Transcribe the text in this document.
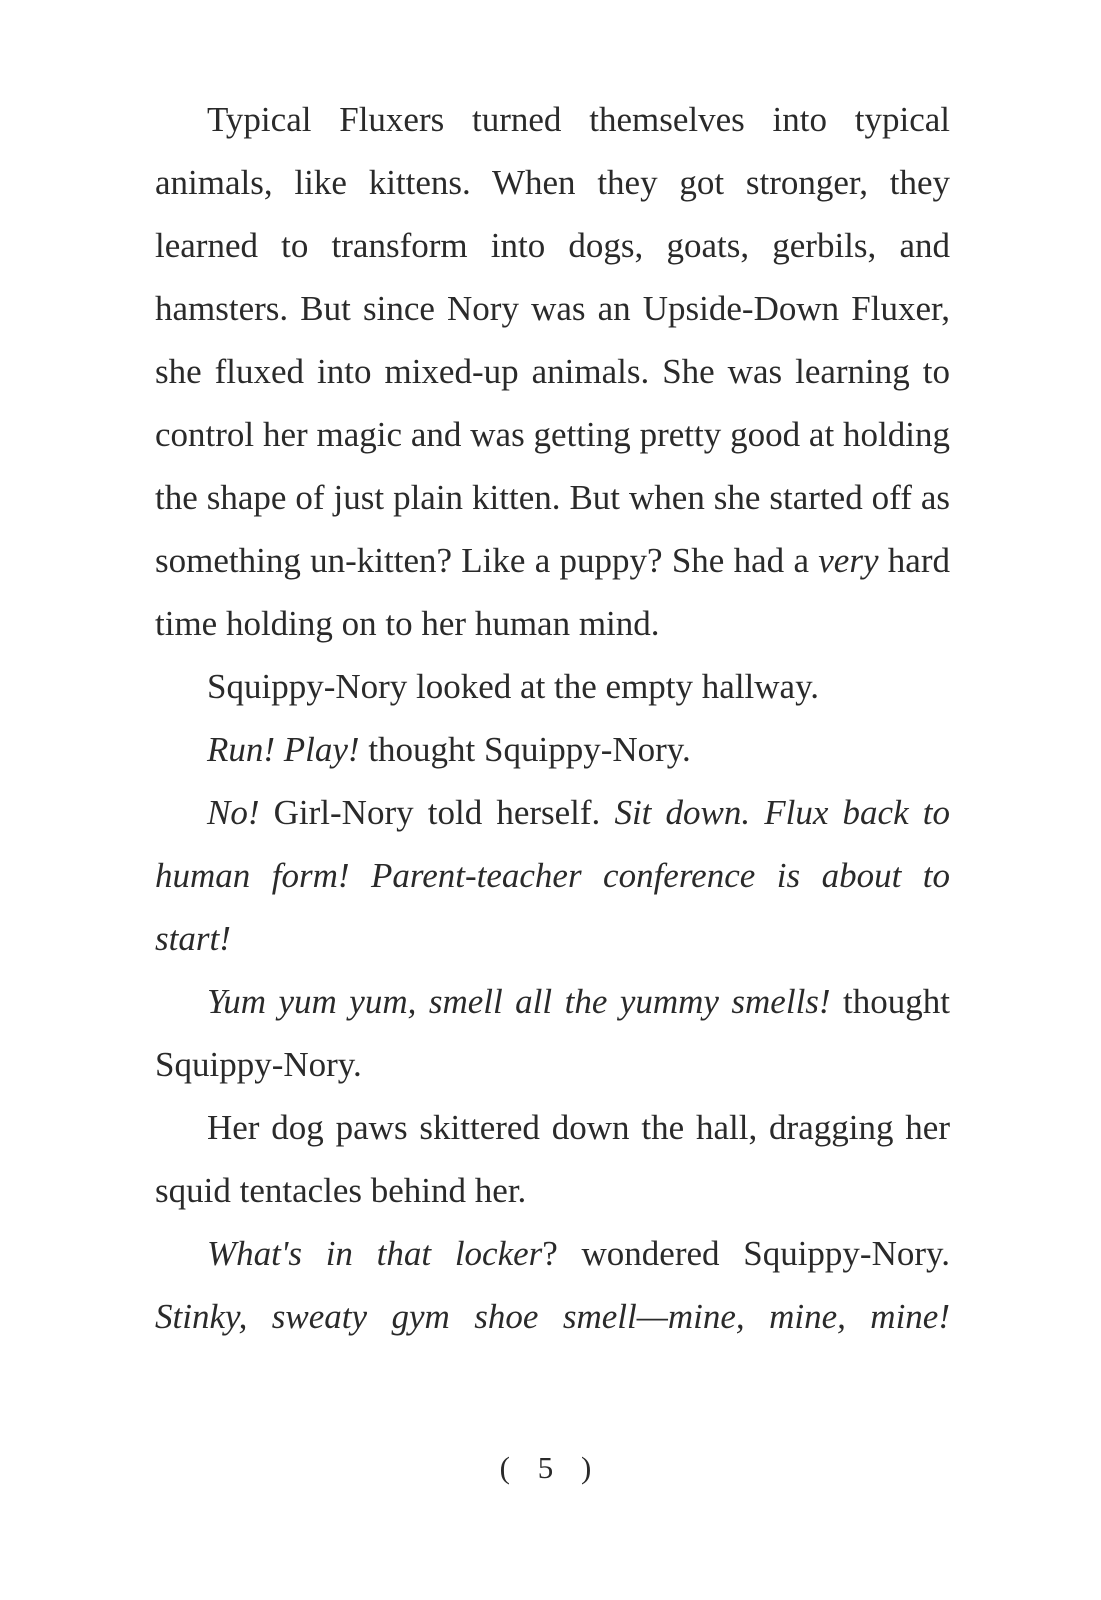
Typical Fluxers turned themselves into typical animals, like kittens. When they got stronger, they learned to transform into dogs, goats, gerbils, and hamsters. But since Nory was an Upside-Down Fluxer, she fluxed into mixed-up animals. She was learning to control her magic and was getting pretty good at holding the shape of just plain kitten. But when she started off as something un-kitten? Like a puppy? She had a very hard time holding on to her human mind.

Squippy-Nory looked at the empty hallway.

Run! Play! thought Squippy-Nory.

No! Girl-Nory told herself. Sit down. Flux back to human form! Parent-teacher conference is about to start!

Yum yum yum, smell all the yummy smells! thought Squippy-Nory.

Her dog paws skittered down the hall, dragging her squid tentacles behind her.

What's in that locker? wondered Squippy-Nory. Stinky, sweaty gym shoe smell—mine, mine, mine!

( 5 )
